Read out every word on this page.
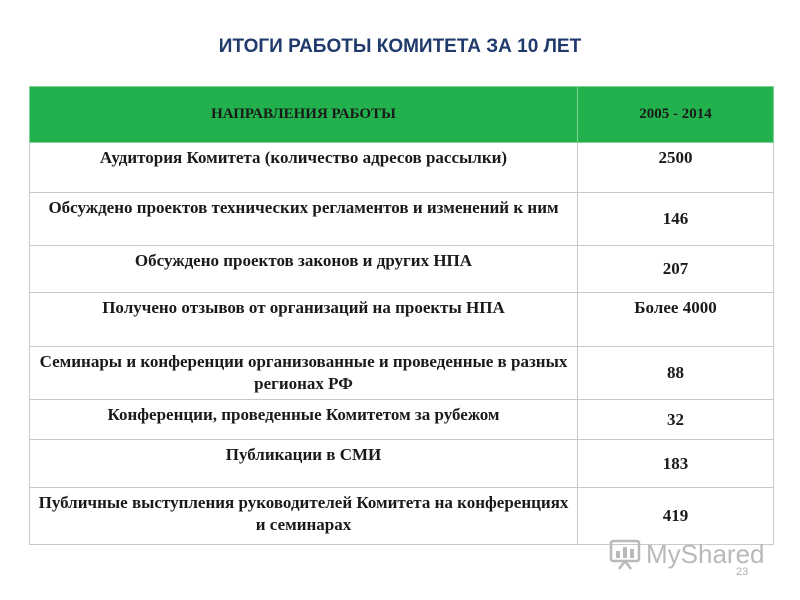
ИТОГИ РАБОТЫ КОМИТЕТА ЗА 10 ЛЕТ
НАПРАВЛЕНИЯ РАБОТЫ	2005 - 2014
Аудитория Комитета (количество адресов рассылки)	2500
Обсуждено проектов технических регламентов и изменений к ним	146
Обсуждено проектов законов и других НПА	207
Получено отзывов от организаций на проекты НПА	Более 4000
Семинары и конференции организованные и проведенные в разных регионах РФ	88
Конференции, проведенные Комитетом за рубежом	32
Публикации в СМИ	183
Публичные выступления руководителей Комитета на конференциях и семинарах	419
MyShared
23
